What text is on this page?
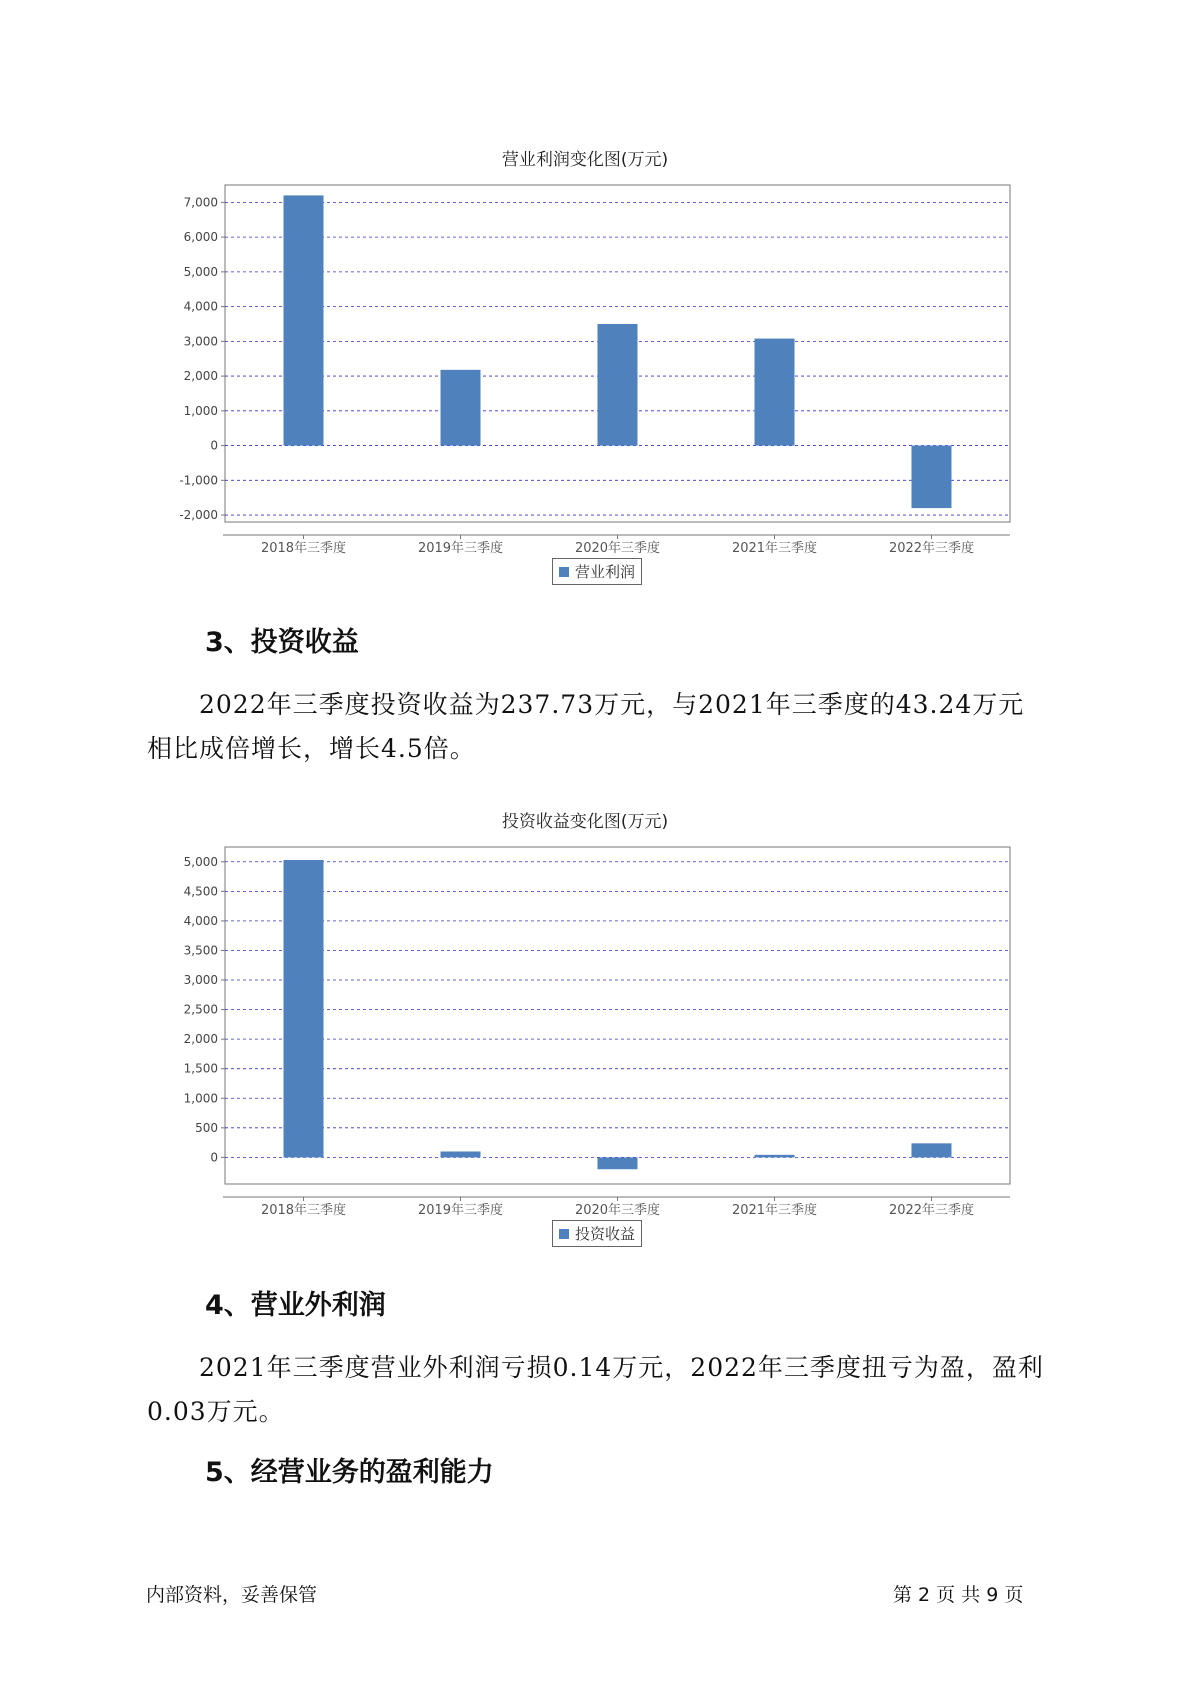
营业利润变化图(万元)
7,000
6,000
5,000
4,000
3,000
2,000
1,000
0
-1,000
-2,000
2018年三季度	2019年三季度	2020年三季度	2021年三季度	2022年三季度
营业利润
3、投资收益
2022年三季度投资收益为237.73万元，与2021年三季度的43.24万元相比成倍增长，增长4.5倍。
投资收益变化图(万元)
5,000
4,500
4,000
3,500
3,000
2,500
2,000
1,500
1,000
500
0
2018年三季度	2019年三季度	2020年三季度	2021年三季度	2022年三季度
投资收益
4、营业外利润
2021年三季度营业外利润亏损0.14万元，2022年三季度扭亏为盈，盈利0.03万元。
5、经营业务的盈利能力
内部资料，妥善保管	第 2 页 共 9 页
